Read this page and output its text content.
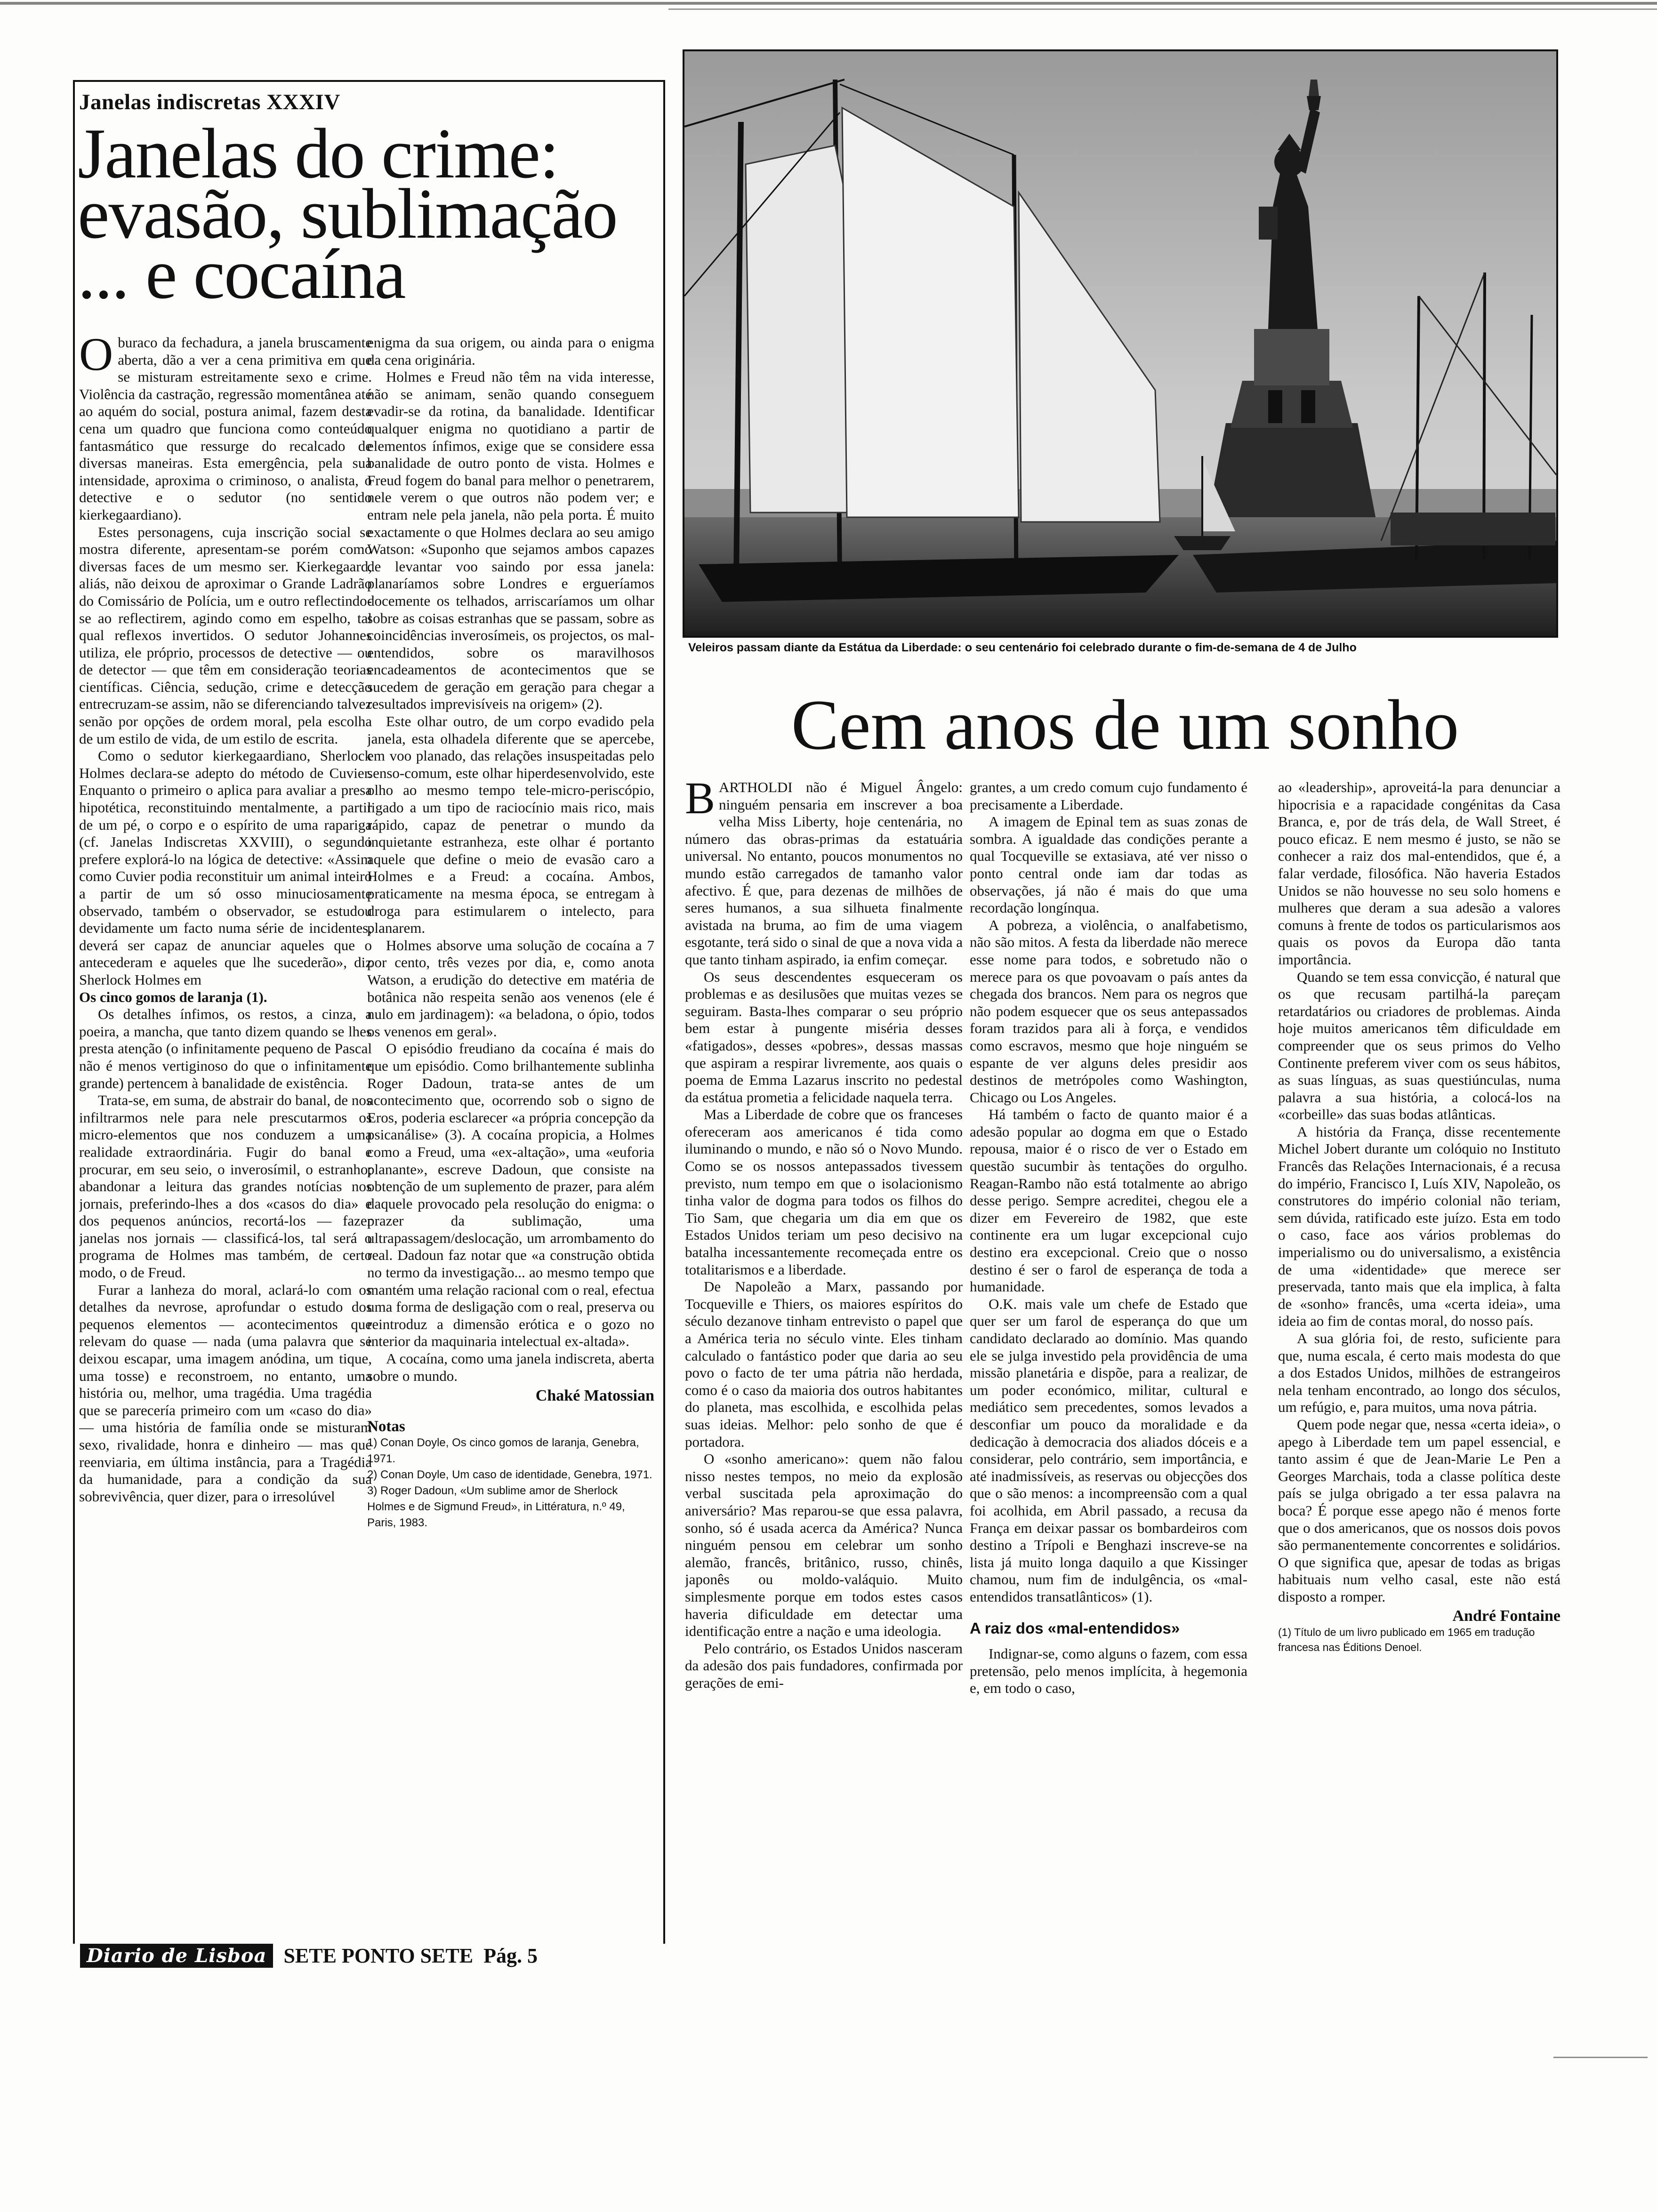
Janelas indiscretas XXXIV
Janelas do crime:
evasão, sublimação
... e cocaína

Oburaco da fechadura, a janela bruscamente aberta, dão a ver a cena primitiva em que se misturam estreitamente sexo e crime. Violência da castração, regressão momentânea até ao aquém do social, postura animal, fazem desta cena um quadro que funciona como conteúdo fantasmático que ressurge do recalcado de diversas maneiras. Esta emergência, pela sua intensidade, aproxima o criminoso, o analista, o detective e o sedutor (no sentido kierkegaardiano).

Estes personagens, cuja inscrição social se mostra diferente, apresentam-se porém como diversas faces de um mesmo ser. Kierkegaard, aliás, não deixou de aproximar o Grande Ladrão do Comissário de Polícia, um e outro reflectindo-se ao reflectirem, agindo como em espelho, tal qual reflexos invertidos. O sedutor Johannes utiliza, ele próprio, processos de detective — ou de detector — que têm em consideração teorias científicas. Ciência, sedução, crime e detecção entrecruzam-se assim, não se diferenciando talvez senão por opções de ordem moral, pela escolha de um estilo de vida, de um estilo de escrita.

Como o sedutor kierkegaardiano, Sherlock Holmes declara-se adepto do método de Cuvier. Enquanto o primeiro o aplica para avaliar a presa hipotética, reconstituindo mentalmente, a partir de um pé, o corpo e o espírito de uma rapariga (cf. Janelas Indiscretas XXVIII), o segundo prefere explorá-lo na lógica de detective: «Assim como Cuvier podia reconstituir um animal inteiro a partir de um só osso minuciosamente observado, também o observador, se estudou devidamente um facto numa série de incidentes, deverá ser capaz de anunciar aqueles que o antecederam e aqueles que lhe sucederão», diz Sherlock Holmes em

Os cinco gomos de laranja (1).

Os detalhes ínfimos, os restos, a cinza, a poeira, a mancha, que tanto dizem quando se lhes presta atenção (o infinitamente pequeno de Pascal não é menos vertiginoso do que o infinitamente grande) pertencem à banalidade de existência.

Trata-se, em suma, de abstrair do banal, de nos infiltrarmos nele para nele prescutarmos os micro-elementos que nos conduzem a uma realidade extraordinária. Fugir do banal e procurar, em seu seio, o inverosímil, o estranho; abandonar a leitura das grandes notícias nos jornais, preferindo-lhes a dos «casos do dia» e dos pequenos anúncios, recortá-los — fazer janelas nos jornais — classificá-los, tal será o programa de Holmes mas também, de certo modo, o de Freud.

Furar a lanheza do moral, aclará-lo com os detalhes da nevrose, aprofundar o estudo dos pequenos elementos — acontecimentos que relevam do quase — nada (uma palavra que se deixou escapar, uma imagem anódina, um tique, uma tosse) e reconstroem, no entanto, uma história ou, melhor, uma tragédia. Uma tragédia que se parecería primeiro com um «caso do dia» — uma história de família onde se misturam sexo, rivalidade, honra e dinheiro — mas que reenviaria, em última instância, para a Tragédia da humanidade, para a condição da sua sobrevivência, quer dizer, para o irresolúvel

enigma da sua origem, ou ainda para o enigma da cena originária.

Holmes e Freud não têm na vida interesse, não se animam, senão quando conseguem evadir-se da rotina, da banalidade. Identificar qualquer enigma no quotidiano a partir de elementos ínfimos, exige que se considere essa banalidade de outro ponto de vista. Holmes e Freud fogem do banal para melhor o penetrarem, nele verem o que outros não podem ver; e entram nele pela janela, não pela porta. É muito exactamente o que Holmes declara ao seu amigo Watson: «Suponho que sejamos ambos capazes de levantar voo saindo por essa janela: planaríamos sobre Londres e ergueríamos docemente os telhados, arriscaríamos um olhar sobre as coisas estranhas que se passam, sobre as coincidências inverosímeis, os projectos, os mal-entendidos, sobre os maravilhosos encadeamentos de acontecimentos que se sucedem de geração em geração para chegar a resultados imprevisíveis na origem» (2).

Este olhar outro, de um corpo evadido pela janela, esta olhadela diferente que se apercebe, em voo planado, das relações insuspeitadas pelo senso-comum, este olhar hiperdesenvolvido, este olho ao mesmo tempo tele-micro-periscópio, ligado a um tipo de raciocínio mais rico, mais rápido, capaz de penetrar o mundo da inquietante estranheza, este olhar é portanto aquele que define o meio de evasão caro a Holmes e a Freud: a cocaína. Ambos, praticamente na mesma época, se entregam à droga para estimularem o intelecto, para planarem.

Holmes absorve uma solução de cocaína a 7 por cento, três vezes por dia, e, como anota Watson, a erudição do detective em matéria de botânica não respeita senão aos venenos (ele é nulo em jardinagem): «a beladona, o ópio, todos os venenos em geral».

O episódio freudiano da cocaína é mais do que um episódio. Como brilhantemente sublinha Roger Dadoun, trata-se antes de um acontecimento que, ocorrendo sob o signo de Eros, poderia esclarecer «a própria concepção da psicanálise» (3). A cocaína propicia, a Holmes como a Freud, uma «ex-altação», uma «euforia planante», escreve Dadoun, que consiste na obtenção de um suplemento de prazer, para além daquele provocado pela resolução do enigma: o prazer da sublimação, uma ultrapassagem/deslocação, um arrombamento do real. Dadoun faz notar que «a construção obtida no termo da investigação... ao mesmo tempo que mantém uma relação racional com o real, efectua uma forma de desligação com o real, preserva ou reintroduz a dimensão erótica e o gozo no interior da maquinaria intelectual ex-altada».

A cocaína, como uma janela indiscreta, aberta sobre o mundo.

Chaké Matossian

Notas

1) Conan Doyle, Os cinco gomos de laranja, Genebra, 1971.

2) Conan Doyle, Um caso de identidade, Genebra, 1971.

3) Roger Dadoun, «Um sublime amor de Sherlock Holmes e de Sigmund Freud», in Littératura, n.º 49, Paris, 1983.

Diario de Lisboa SETE PONTO SETE Pág. 5
Veleiros passam diante da Estátua da Liberdade: o seu centenário foi celebrado durante o fim-de-semana de 4 de Julho
Cem anos de um sonho

BARTHOLDI não é Miguel Ângelo: ninguém pensaria em inscrever a boa velha Miss Liberty, hoje centenária, no número das obras-primas da estatuária universal. No entanto, poucos monumentos no mundo estão carregados de tamanho valor afectivo. É que, para dezenas de milhões de seres humanos, a sua silhueta finalmente avistada na bruma, ao fim de uma viagem esgotante, terá sido o sinal de que a nova vida a que tanto tinham aspirado, ia enfim começar.

Os seus descendentes esqueceram os problemas e as desilusões que muitas vezes se seguiram. Basta-lhes comparar o seu próprio bem estar à pungente miséria desses «fatigados», desses «pobres», dessas massas que aspiram a respirar livremente, aos quais o poema de Emma Lazarus inscrito no pedestal da estátua prometia a felicidade naquela terra.

Mas a Liberdade de cobre que os franceses ofereceram aos americanos é tida como iluminando o mundo, e não só o Novo Mundo. Como se os nossos antepassados tivessem previsto, num tempo em que o isolacionismo tinha valor de dogma para todos os filhos do Tio Sam, que chegaria um dia em que os Estados Unidos teriam um peso decisivo na batalha incessantemente recomeçada entre os totalitarismos e a liberdade.

De Napoleão a Marx, passando por Tocqueville e Thiers, os maiores espíritos do século dezanove tinham entrevisto o papel que a América teria no século vinte. Eles tinham calculado o fantástico poder que daria ao seu povo o facto de ter uma pátria não herdada, como é o caso da maioria dos outros habitantes do planeta, mas escolhida, e escolhida pelas suas ideias. Melhor: pelo sonho de que é portadora.

O «sonho americano»: quem não falou nisso nestes tempos, no meio da explosão verbal suscitada pela aproximação do aniversário? Mas reparou-se que essa palavra, sonho, só é usada acerca da América? Nunca ninguém pensou em celebrar um sonho alemão, francês, britânico, russo, chinês, japonês ou moldo-valáquio. Muito simplesmente porque em todos estes casos haveria dificuldade em detectar uma identificação entre a nação e uma ideologia.

Pelo contrário, os Estados Unidos nasceram da adesão dos pais fundadores, confirmada por gerações de emi-

grantes, a um credo comum cujo fundamento é precisamente a Liberdade.

A imagem de Epinal tem as suas zonas de sombra. A igualdade das condições perante a qual Tocqueville se extasiava, até ver nisso o ponto central onde iam dar todas as observações, já não é mais do que uma recordação longínqua.

A pobreza, a violência, o analfabetismo, não são mitos. A festa da liberdade não merece esse nome para todos, e sobretudo não o merece para os que povoavam o país antes da chegada dos brancos. Nem para os negros que não podem esquecer que os seus antepassados foram trazidos para ali à força, e vendidos como escravos, mesmo que hoje ninguém se espante de ver alguns deles presidir aos destinos de metrópoles como Washington, Chicago ou Los Angeles.

Há também o facto de quanto maior é a adesão popular ao dogma em que o Estado repousa, maior é o risco de ver o Estado em questão sucumbir às tentações do orgulho. Reagan-Rambo não está totalmente ao abrigo desse perigo. Sempre acreditei, chegou ele a dizer em Fevereiro de 1982, que este continente era um lugar excepcional cujo destino era excepcional. Creio que o nosso destino é ser o farol de esperança de toda a humanidade.

O.K. mais vale um chefe de Estado que quer ser um farol de esperança do que um candidato declarado ao domínio. Mas quando ele se julga investido pela providência de uma missão planetária e dispõe, para a realizar, de um poder económico, militar, cultural e mediático sem precedentes, somos levados a desconfiar um pouco da moralidade e da dedicação à democracia dos aliados dóceis e a considerar, pelo contrário, sem importância, e até inadmissíveis, as reservas ou objecções dos que o são menos: a incompreensão com a qual foi acolhida, em Abril passado, a recusa da França em deixar passar os bombardeiros com destino a Trípoli e Benghazi inscreve-se na lista já muito longa daquilo a que Kissinger chamou, num fim de indulgência, os «mal-entendidos transatlânticos» (1).

A raiz dos «mal-entendidos»

Indignar-se, como alguns o fazem, com essa pretensão, pelo menos implícita, à hegemonia e, em todo o caso,

ao «leadership», aproveitá-la para denunciar a hipocrisia e a rapacidade congénitas da Casa Branca, e, por de trás dela, de Wall Street, é pouco eficaz. E nem mesmo é justo, se não se conhecer a raiz dos mal-entendidos, que é, a falar verdade, filosófica. Não haveria Estados Unidos se não houvesse no seu solo homens e mulheres que deram a sua adesão a valores comuns à frente de todos os particularismos aos quais os povos da Europa dão tanta importância.

Quando se tem essa convicção, é natural que os que recusam partilhá-la pareçam retardatários ou criadores de problemas. Ainda hoje muitos americanos têm dificuldade em compreender que os seus primos do Velho Continente preferem viver com os seus hábitos, as suas línguas, as suas questiúnculas, numa palavra a sua história, a colocá-los na «corbeille» das suas bodas atlânticas.

A história da França, disse recentemente Michel Jobert durante um colóquio no Instituto Francês das Relações Internacionais, é a recusa do império, Francisco I, Luís XIV, Napoleão, os construtores do império colonial não teriam, sem dúvida, ratificado este juízo. Esta em todo o caso, face aos vários problemas do imperialismo ou do universalismo, a existência de uma «identidade» que merece ser preservada, tanto mais que ela implica, à falta de «sonho» francês, uma «certa ideia», uma ideia ao fim de contas moral, do nosso país.

A sua glória foi, de resto, suficiente para que, numa escala, é certo mais modesta do que a dos Estados Unidos, milhões de estrangeiros nela tenham encontrado, ao longo dos séculos, um refúgio, e, para muitos, uma nova pátria.

Quem pode negar que, nessa «certa ideia», o apego à Liberdade tem um papel essencial, e tanto assim é que de Jean-Marie Le Pen a Georges Marchais, toda a classe política deste país se julga obrigado a ter essa palavra na boca? É porque esse apego não é menos forte que o dos americanos, que os nossos dois povos são permanentemente concorrentes e solidários. O que significa que, apesar de todas as brigas habituais num velho casal, este não está disposto a romper.

André Fontaine

(1) Título de um livro publicado em 1965 em tradução francesa nas Éditions Denoel.
